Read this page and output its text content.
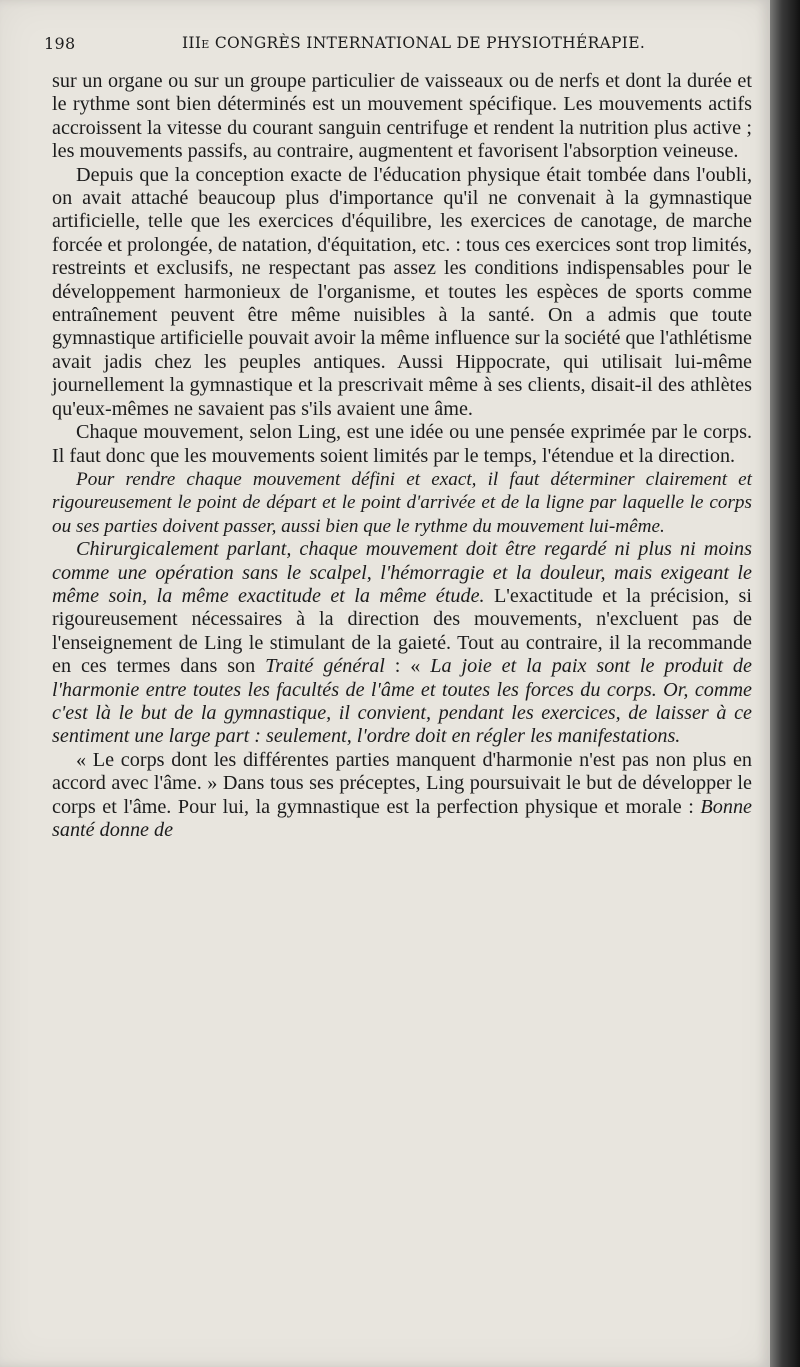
198	IIIe CONGRÈS INTERNATIONAL DE PHYSIOTHÉRAPIE.

sur un organe ou sur un groupe particulier de vaisseaux ou de nerfs et dont la durée et le rythme sont bien déterminés est un mouvement spécifique. Les mouvements actifs accroissent la vitesse du courant sanguin centrifuge et rendent la nutrition plus active ; les mouvements passifs, au contraire, augmentent et favorisent l'absorption veineuse.

Depuis que la conception exacte de l'éducation physique était tombée dans l'oubli, on avait attaché beaucoup plus d'importance qu'il ne convenait à la gymnastique artificielle, telle que les exercices d'équilibre, les exercices de canotage, de marche forcée et prolongée, de natation, d'équitation, etc. : tous ces exercices sont trop limités, restreints et exclusifs, ne respectant pas assez les conditions indispensables pour le développement harmonieux de l'organisme, et toutes les espèces de sports comme entraînement peuvent être même nuisibles à la santé. On a admis que toute gymnastique artificielle pouvait avoir la même influence sur la société que l'athlétisme avait jadis chez les peuples antiques. Aussi Hippocrate, qui utilisait lui-même journellement la gymnastique et la prescrivait même à ses clients, disait-il des athlètes qu'eux-mêmes ne savaient pas s'ils avaient une âme.

Chaque mouvement, selon Ling, est une idée ou une pensée exprimée par le corps. Il faut donc que les mouvements soient limités par le temps, l'étendue et la direction.

Pour rendre chaque mouvement défini et exact, il faut déterminer clairement et rigoureusement le point de départ et le point d'arrivée et de la ligne par laquelle le corps ou ses parties doivent passer, aussi bien que le rythme du mouvement lui-même.

Chirurgicalement parlant, chaque mouvement doit être regardé ni plus ni moins comme une opération sans le scalpel, l'hémorragie et la douleur, mais exigeant le même soin, la même exactitude et la même étude. L'exactitude et la précision, si rigoureusement nécessaires à la direction des mouvements, n'excluent pas de l'enseignement de Ling le stimulant de la gaieté. Tout au contraire, il la recommande en ces termes dans son Traité général : « La joie et la paix sont le produit de l'harmonie entre toutes les facultés de l'âme et toutes les forces du corps. Or, comme c'est là le but de la gymnastique, il convient, pendant les exercices, de laisser à ce sentiment une large part : seulement, l'ordre doit en régler les manifestations.

« Le corps dont les différentes parties manquent d'harmonie n'est pas non plus en accord avec l'âme. » Dans tous ses préceptes, Ling poursuivait le but de développer le corps et l'âme. Pour lui, la gymnastique est la perfection physique et morale : Bonne santé donne de
